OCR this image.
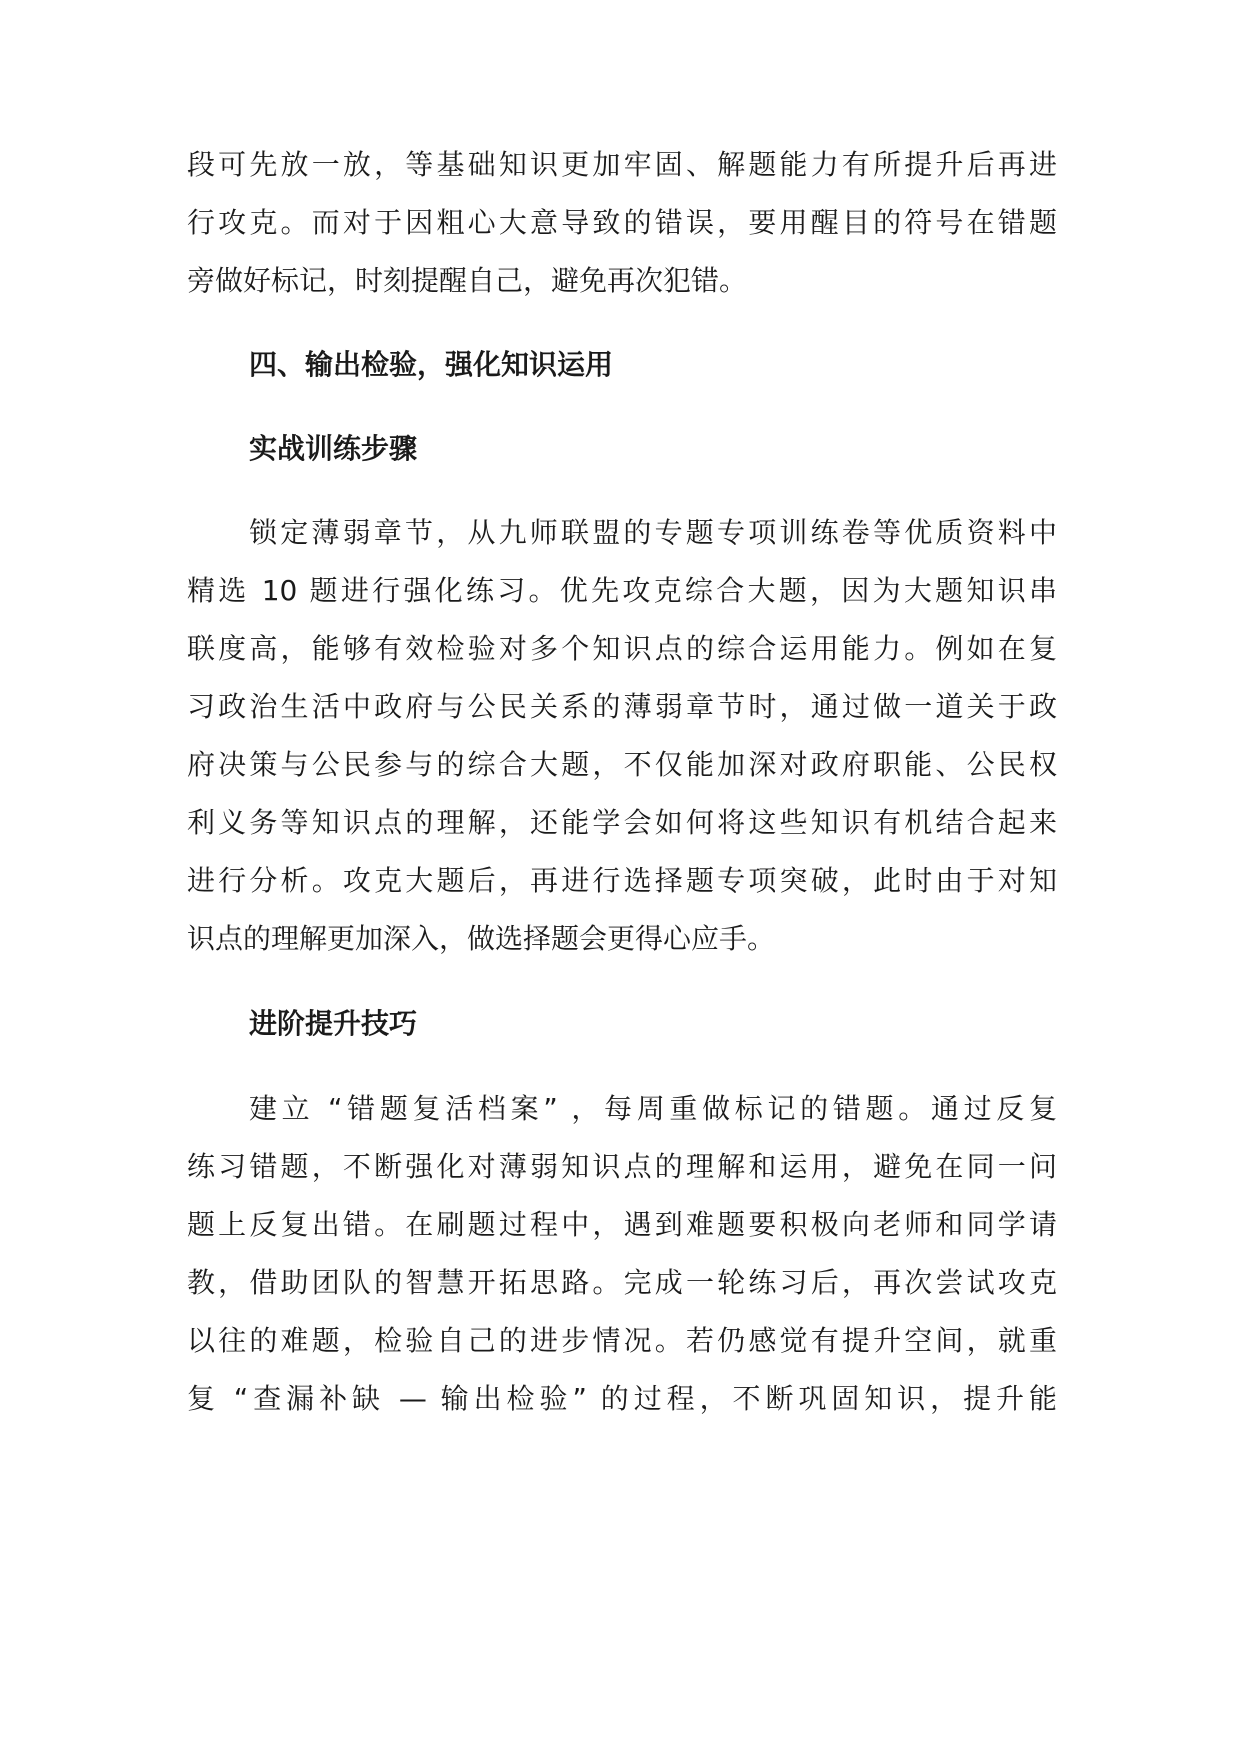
段可先放一放，等基础知识更加牢固、解题能力有所提升后再进

行攻克。而对于因粗心大意导致的错误，要用醒目的符号在错题

旁做好标记，时刻提醒自己，避免再次犯错。

四、输出检验，强化知识运用
实战训练步骤

锁定薄弱章节，从九师联盟的专题专项训练卷等优质资料中

精选 10 题进行强化练习。优先攻克综合大题，因为大题知识串

联度高，能够有效检验对多个知识点的综合运用能力。例如在复

习政治生活中政府与公民关系的薄弱章节时，通过做一道关于政

府决策与公民参与的综合大题，不仅能加深对政府职能、公民权

利义务等知识点的理解，还能学会如何将这些知识有机结合起来

进行分析。攻克大题后，再进行选择题专项突破，此时由于对知

识点的理解更加深入，做选择题会更得心应手。

进阶提升技巧

建立 “错题复活档案” ，每周重做标记的错题。通过反复

练习错题，不断强化对薄弱知识点的理解和运用，避免在同一问

题上反复出错。在刷题过程中，遇到难题要积极向老师和同学请

教，借助团队的智慧开拓思路。完成一轮练习后，再次尝试攻克

以往的难题，检验自己的进步情况。若仍感觉有提升空间，就重

复 “查漏补缺 — 输出检验” 的过程，不断巩固知识，提升能
